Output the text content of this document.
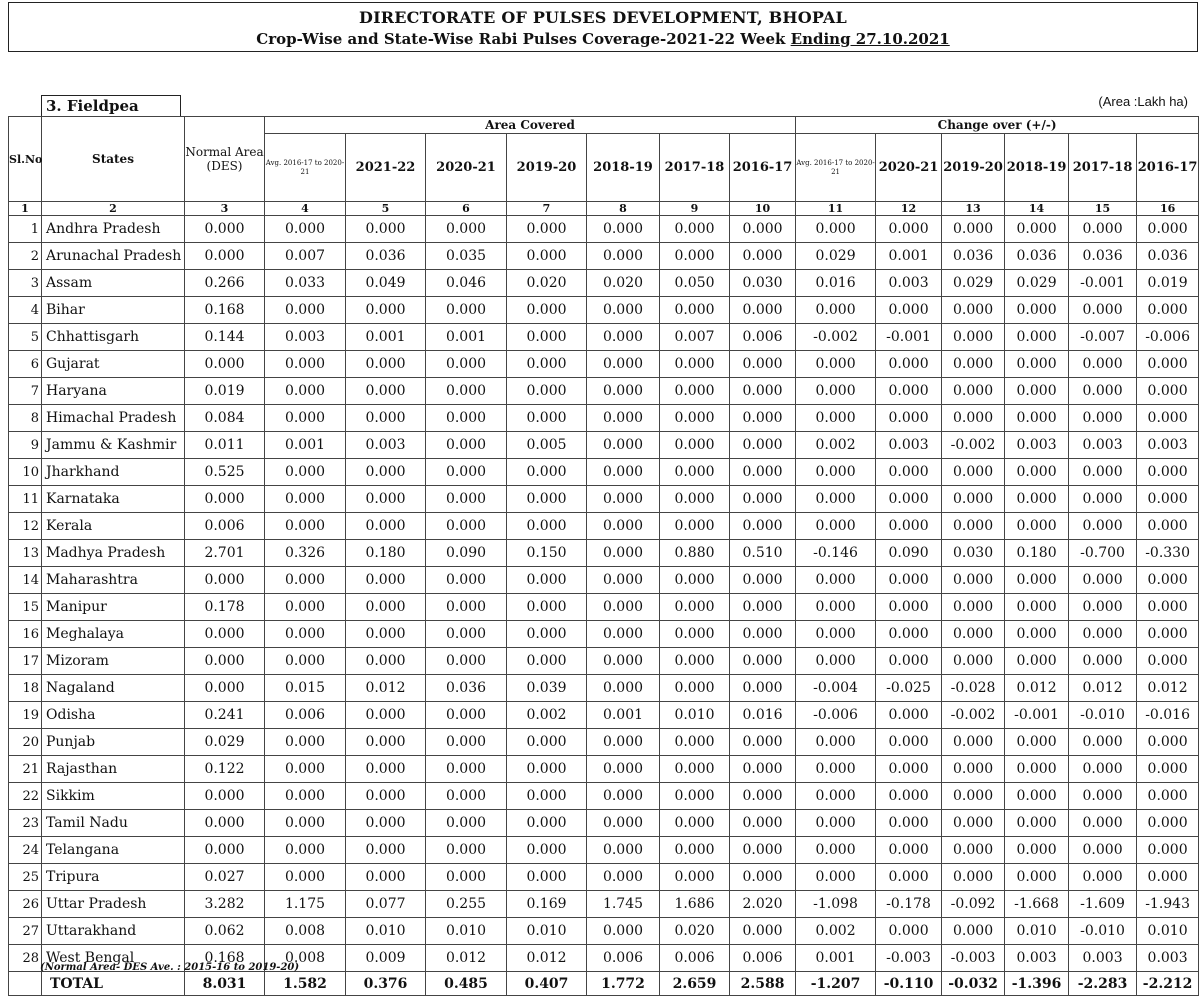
DIRECTORATE OF PULSES DEVELOPMENT, BHOPAL
Crop-Wise and State-Wise Rabi Pulses Coverage-2021-22 Week Ending 27.10.2021
3. Fieldpea	(Area :Lakh ha)
Sl.No	States	Normal Area (DES)	Area Covered							Change over (+/-)					
			Avg. 2016-17 to 2020-21	2021-22	2020-21	2019-20	2018-19	2017-18	2016-17	Avg. 2016-17 to 2020-21	2020-21	2019-20	2018-19	2017-18	2016-17
1	2	3	4	5	6	7	8	9	10	11	12	13	14	15	16
1	Andhra Pradesh	0.000	0.000	0.000	0.000	0.000	0.000	0.000	0.000	0.000	0.000	0.000	0.000	0.000	0.000
2	Arunachal Pradesh	0.000	0.007	0.036	0.035	0.000	0.000	0.000	0.000	0.029	0.001	0.036	0.036	0.036	0.036
3	Assam	0.266	0.033	0.049	0.046	0.020	0.020	0.050	0.030	0.016	0.003	0.029	0.029	-0.001	0.019
4	Bihar	0.168	0.000	0.000	0.000	0.000	0.000	0.000	0.000	0.000	0.000	0.000	0.000	0.000	0.000
5	Chhattisgarh	0.144	0.003	0.001	0.001	0.000	0.000	0.007	0.006	-0.002	-0.001	0.000	0.000	-0.007	-0.006
6	Gujarat	0.000	0.000	0.000	0.000	0.000	0.000	0.000	0.000	0.000	0.000	0.000	0.000	0.000	0.000
7	Haryana	0.019	0.000	0.000	0.000	0.000	0.000	0.000	0.000	0.000	0.000	0.000	0.000	0.000	0.000
8	Himachal Pradesh	0.084	0.000	0.000	0.000	0.000	0.000	0.000	0.000	0.000	0.000	0.000	0.000	0.000	0.000
9	Jammu & Kashmir	0.011	0.001	0.003	0.000	0.005	0.000	0.000	0.000	0.002	0.003	-0.002	0.003	0.003	0.003
10	Jharkhand	0.525	0.000	0.000	0.000	0.000	0.000	0.000	0.000	0.000	0.000	0.000	0.000	0.000	0.000
11	Karnataka	0.000	0.000	0.000	0.000	0.000	0.000	0.000	0.000	0.000	0.000	0.000	0.000	0.000	0.000
12	Kerala	0.006	0.000	0.000	0.000	0.000	0.000	0.000	0.000	0.000	0.000	0.000	0.000	0.000	0.000
13	Madhya Pradesh	2.701	0.326	0.180	0.090	0.150	0.000	0.880	0.510	-0.146	0.090	0.030	0.180	-0.700	-0.330
14	Maharashtra	0.000	0.000	0.000	0.000	0.000	0.000	0.000	0.000	0.000	0.000	0.000	0.000	0.000	0.000
15	Manipur	0.178	0.000	0.000	0.000	0.000	0.000	0.000	0.000	0.000	0.000	0.000	0.000	0.000	0.000
16	Meghalaya	0.000	0.000	0.000	0.000	0.000	0.000	0.000	0.000	0.000	0.000	0.000	0.000	0.000	0.000
17	Mizoram	0.000	0.000	0.000	0.000	0.000	0.000	0.000	0.000	0.000	0.000	0.000	0.000	0.000	0.000
18	Nagaland	0.000	0.015	0.012	0.036	0.039	0.000	0.000	0.000	-0.004	-0.025	-0.028	0.012	0.012	0.012
19	Odisha	0.241	0.006	0.000	0.000	0.002	0.001	0.010	0.016	-0.006	0.000	-0.002	-0.001	-0.010	-0.016
20	Punjab	0.029	0.000	0.000	0.000	0.000	0.000	0.000	0.000	0.000	0.000	0.000	0.000	0.000	0.000
21	Rajasthan	0.122	0.000	0.000	0.000	0.000	0.000	0.000	0.000	0.000	0.000	0.000	0.000	0.000	0.000
22	Sikkim	0.000	0.000	0.000	0.000	0.000	0.000	0.000	0.000	0.000	0.000	0.000	0.000	0.000	0.000
23	Tamil Nadu	0.000	0.000	0.000	0.000	0.000	0.000	0.000	0.000	0.000	0.000	0.000	0.000	0.000	0.000
24	Telangana	0.000	0.000	0.000	0.000	0.000	0.000	0.000	0.000	0.000	0.000	0.000	0.000	0.000	0.000
25	Tripura	0.027	0.000	0.000	0.000	0.000	0.000	0.000	0.000	0.000	0.000	0.000	0.000	0.000	0.000
26	Uttar Pradesh	3.282	1.175	0.077	0.255	0.169	1.745	1.686	2.020	-1.098	-0.178	-0.092	-1.668	-1.609	-1.943
27	Uttarakhand	0.062	0.008	0.010	0.010	0.010	0.000	0.020	0.000	0.002	0.000	0.000	0.010	-0.010	0.010
28	West Bengal	0.168	0.008	0.009	0.012	0.012	0.006	0.006	0.006	0.001	-0.003	-0.003	0.003	0.003	0.003
	TOTAL	8.031	1.582	0.376	0.485	0.407	1.772	2.659	2.588	-1.207	-0.110	-0.032	-1.396	-2.283	-2.212
(Normal Area- DES Ave. : 2015-16 to 2019-20)
